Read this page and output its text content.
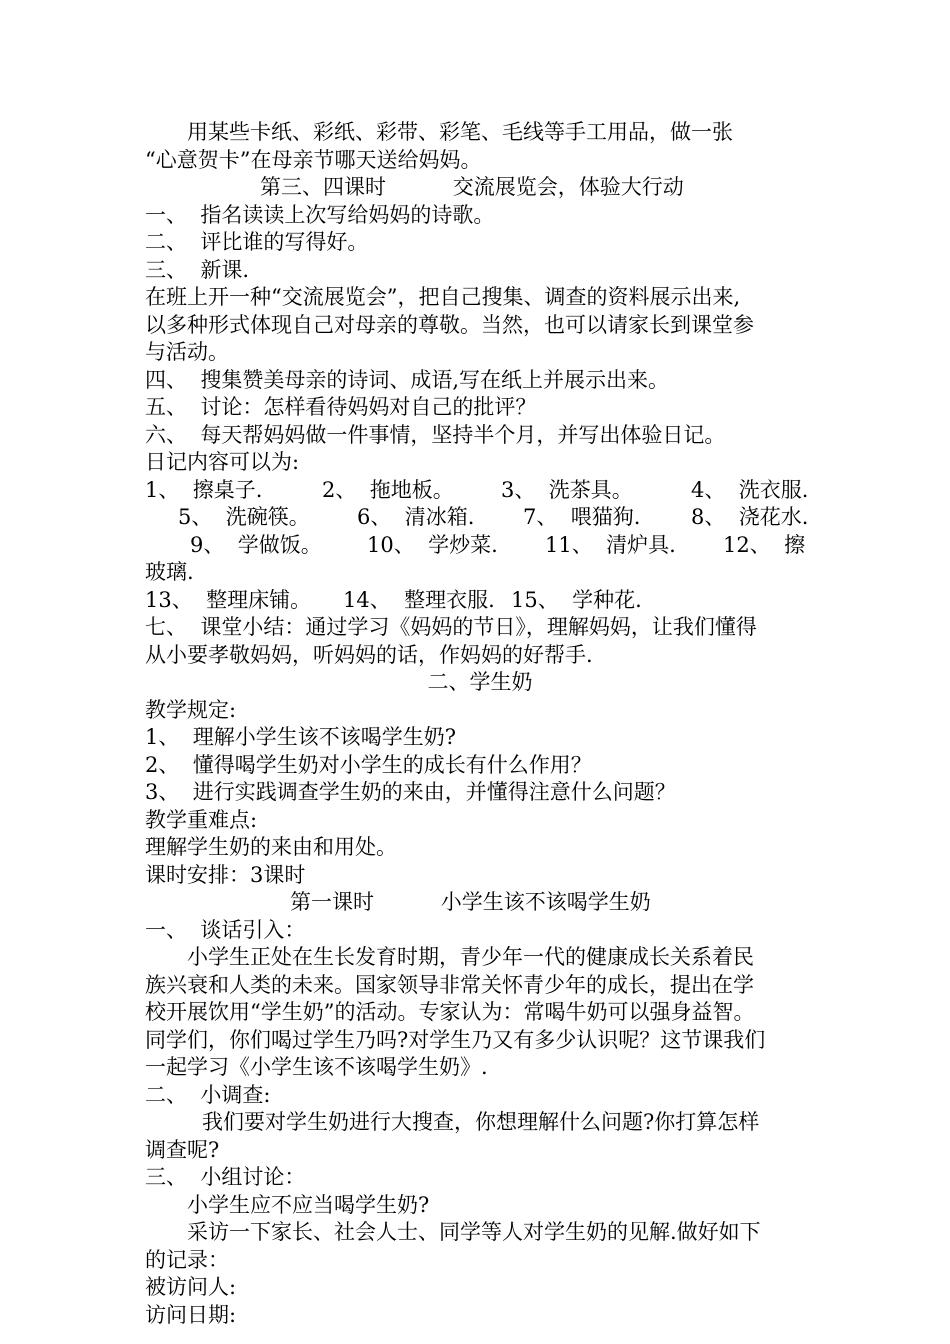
用某些卡纸、彩纸、彩带、彩笔、毛线等手工用品，做一张
“心意贺卡”在母亲节哪天送给妈妈。
第三、四课时          交流展览会，体验大行动
一、  指名读读上次写给妈妈的诗歌。
二、  评比谁的写得好。
三、  新课.
在班上开一种“交流展览会”，把自己搜集、调查的资料展示出来,
以多种形式体现自己对母亲的尊敬。当然，也可以请家长到课堂参
与活动。
四、  搜集赞美母亲的诗词、成语,写在纸上并展示出来。
五、  讨论：怎样看待妈妈对自己的批评？
六、  每天帮妈妈做一件事情，坚持半个月，并写出体验日记。
日记内容可以为:

1、  擦桌子.

	2、  拖地板。

3、  洗茶具。

	4、  洗衣服.

5、  洗碗筷。

6、  清冰箱.

7、  喂猫狗.

8、  浇花水.

9、  学做饭。

10、  学炒菜.

11、  清炉具.

12、  擦

玻璃.

13、  整理床铺。

14、  整理衣服.

15、  学种花.

七、  课堂小结：通过学习《妈妈的节日》，理解妈妈，让我们懂得
从小要孝敬妈妈，听妈妈的话，作妈妈的好帮手.
二、学生奶
教学规定:
1、  理解小学生该不该喝学生奶?
2、  懂得喝学生奶对小学生的成长有什么作用？
3、  进行实践调查学生奶的来由，并懂得注意什么问题？
教学重难点:
理解学生奶的来由和用处。
课时安排：3课时
第一课时          小学生该不该喝学生奶
一、  谈话引入：
小学生正处在生长发育时期，青少年一代的健康成长关系着民
族兴衰和人类的未来。国家领导非常关怀青少年的成长，提出在学
校开展饮用“学生奶”的活动。专家认为：常喝牛奶可以强身益智。
同学们，你们喝过学生乃吗?对学生乃又有多少认识呢？这节课我们
一起学习《小学生该不该喝学生奶》.
二、  小调查:
我们要对学生奶进行大搜查，你想理解什么问题?你打算怎样
调查呢?
三、  小组讨论：
小学生应不应当喝学生奶?
采访一下家长、社会人士、同学等人对学生奶的见解.做好如下
的记录：
被访问人:
访问日期:
